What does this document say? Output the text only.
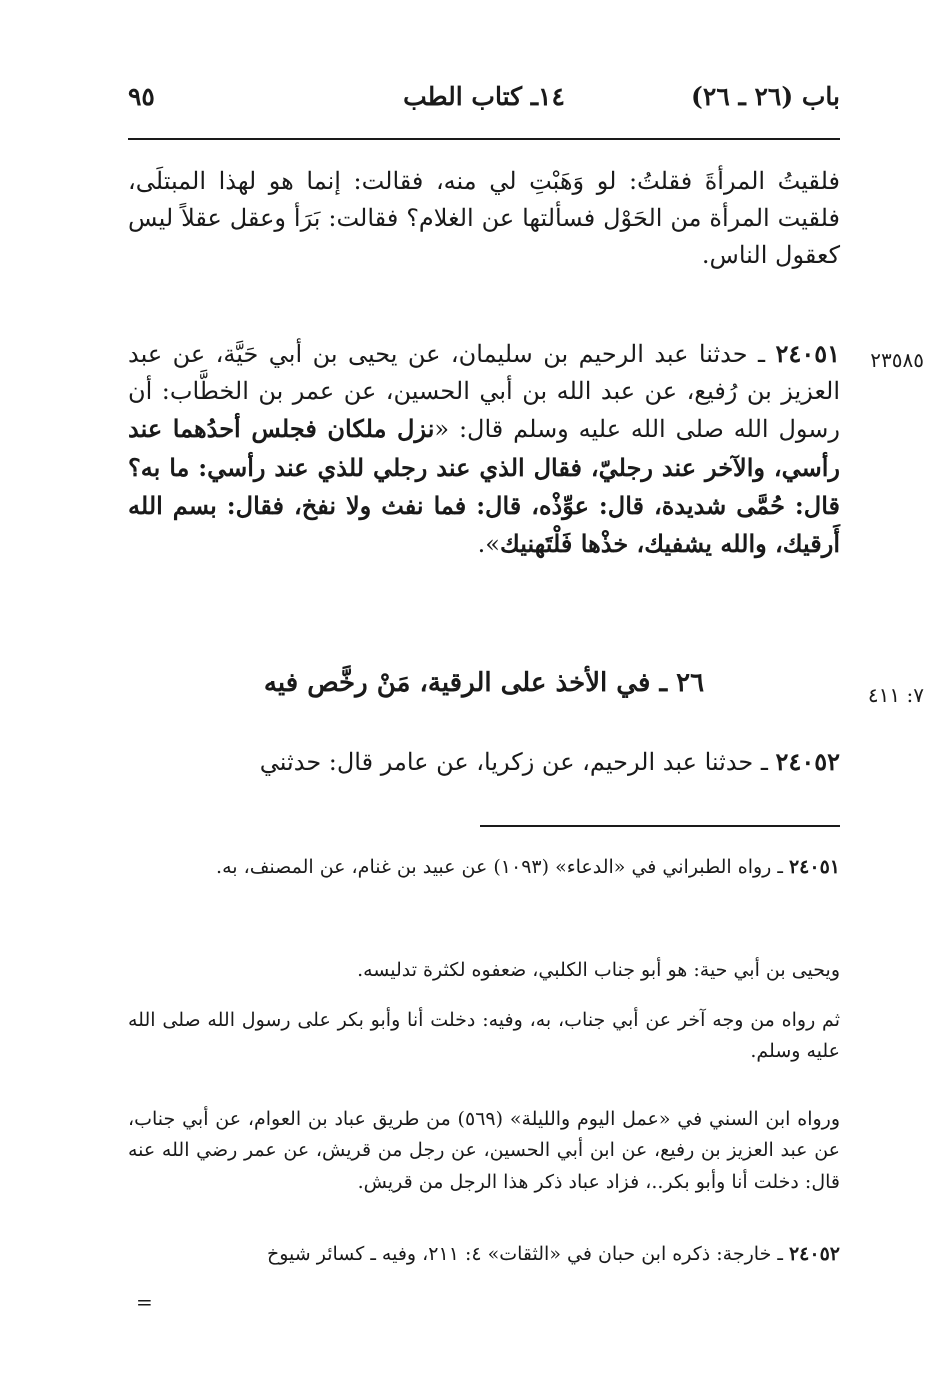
باب (٢٦ ـ ٢٦)
١٤ـ كتاب الطب
٩٥
فلقيتُ المرأةَ فقلتُ: لو وَهَبْتِ لي منه، فقالت: إنما هو لهذا المبتلَى، فلقيت المرأة من الحَوْل فسألتها عن الغلام؟ فقالت: بَرَأ وعقل عقلاً ليس كعقول الناس.
٢٣٥٨٥
٢٤٠٥١ ـ حدثنا عبد الرحيم بن سليمان، عن يحيى بن أبي حَيَّة، عن عبد العزيز بن رُفيع، عن عبد الله بن أبي الحسين، عن عمر بن الخطَّاب: أن رسول الله صلى الله عليه وسلم قال: «نزل ملكان فجلس أحدُهما عند رأسي، والآخر عند رجليّ، فقال الذي عند رجلي للذي عند رأسي: ما به؟ قال: حُمَّى شديدة، قال: عوِّذْه، قال: فما نفث ولا نفخ، فقال: بسم الله أَرقيك، والله يشفيك، خذْها فَلْتَهنيك».
٧: ٤١١
٢٦ ـ في الأخذ على الرقية، مَنْ رخَّص فيه
٢٤٠٥٢ ـ حدثنا عبد الرحيم، عن زكريا، عن عامر قال: حدثني
٢٤٠٥١ ـ رواه الطبراني في «الدعاء» (١٠٩٣) عن عبيد بن غنام، عن المصنف، به.
ويحيى بن أبي حية: هو أبو جناب الكلبي، ضعفوه لكثرة تدليسه.
ثم رواه من وجه آخر عن أبي جناب، به، وفيه: دخلت أنا وأبو بكر على رسول الله صلى الله عليه وسلم.
ورواه ابن السني في «عمل اليوم والليلة» (٥٦٩) من طريق عباد بن العوام، عن أبي جناب، عن عبد العزيز بن رفيع، عن ابن أبي الحسين، عن رجل من قريش، عن عمر رضي الله عنه قال: دخلت أنا وأبو بكر..، فزاد عباد ذكر هذا الرجل من قريش.
٢٤٠٥٢ ـ خارجة: ذكره ابن حبان في «الثقات» ٤: ٢١١، وفيه ـ كسائر شيوخ
=
